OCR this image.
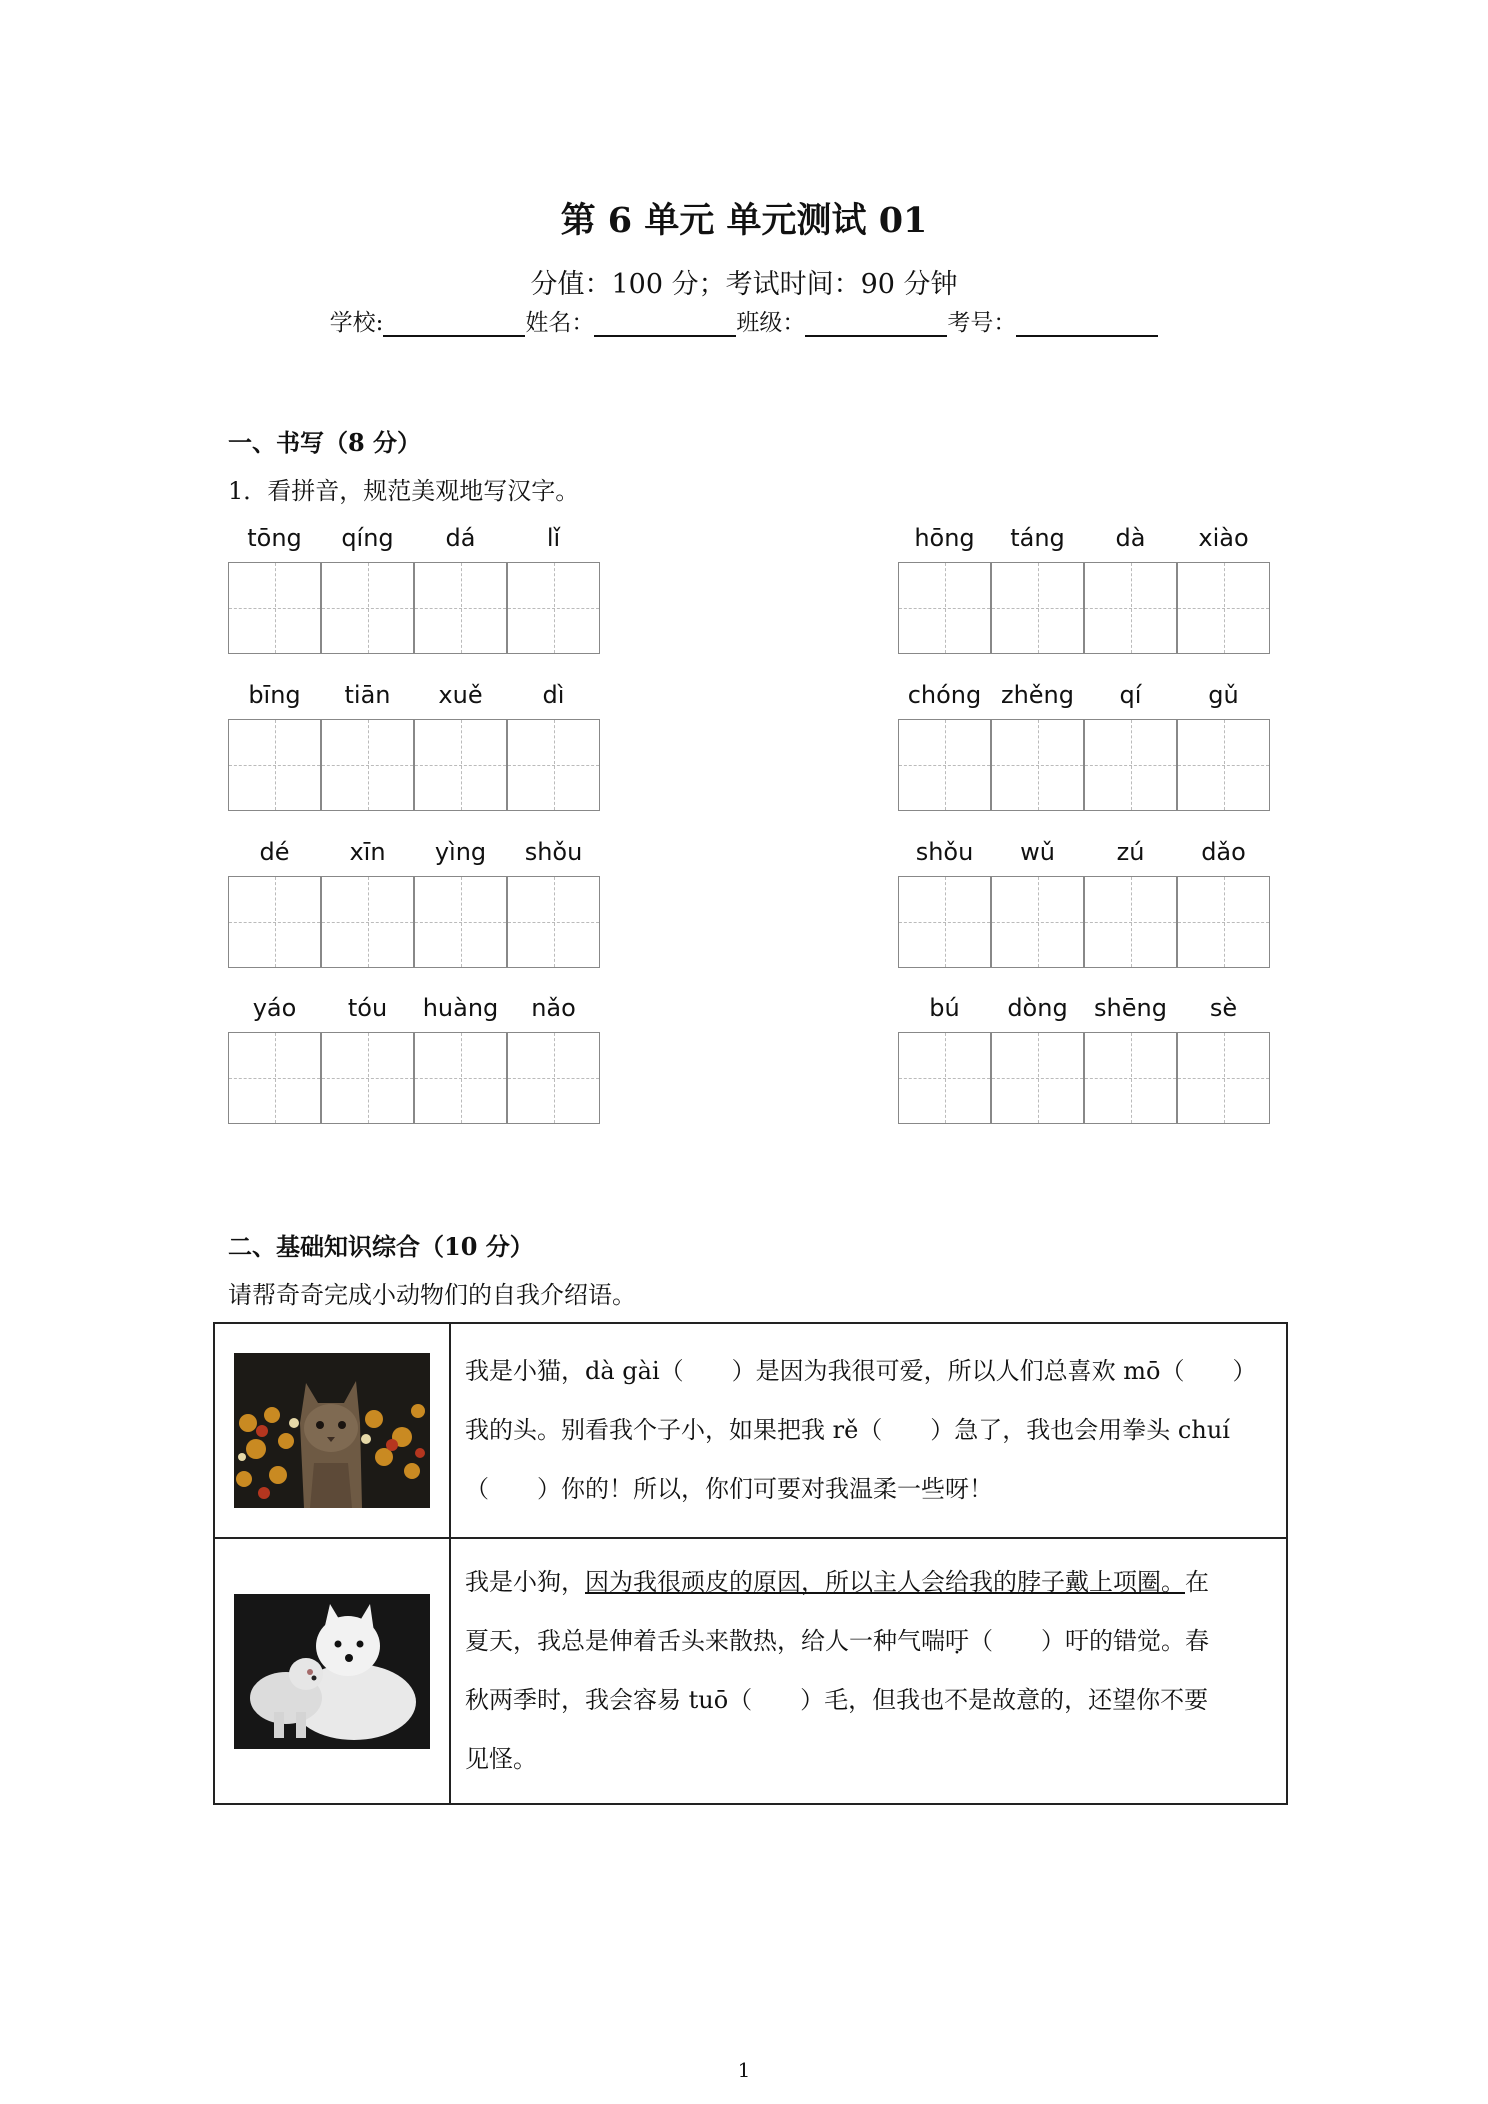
第 6 单元 单元测试 01
分值：100 分；考试时间：90 分钟
学校:	姓名：	班级：	考号：
一、书写（8 分）
1．看拼音，规范美观地写汉字。
tōng	qíng	dá	lǐ	hōng	táng	dà	xiào
bīng	tiān	xuě	dì	chóng zhěng	qí	gǔ
dé	xīn	yìng	shǒu	shǒu	wǔ	zú	dǎo
yáo	tóu	huàng	nǎo	bú	dòng	shēng	sè
二、基础知识综合（10 分）
请帮奇奇完成小动物们的自我介绍语。
	我是小猫，dà gài（　　）是因为我很可爱，所以人们总喜欢 mō（　　）
我的头。别看我个子小，如果把我 rě（　　）急了，我也会用拳头 chuí
（　　）你的！所以，你们可要对我温柔一些呀！
	我是小狗，因为我很顽皮的原因，所以主人会给我的脖子戴上项圈。在
夏天，我总是伸着舌头来散热，给人一种气喘吁（　　）吁的错觉。春
秋两季时，我会容易 tuō（　　）毛，但我也不是故意的，还望你不要
见怪。
1
